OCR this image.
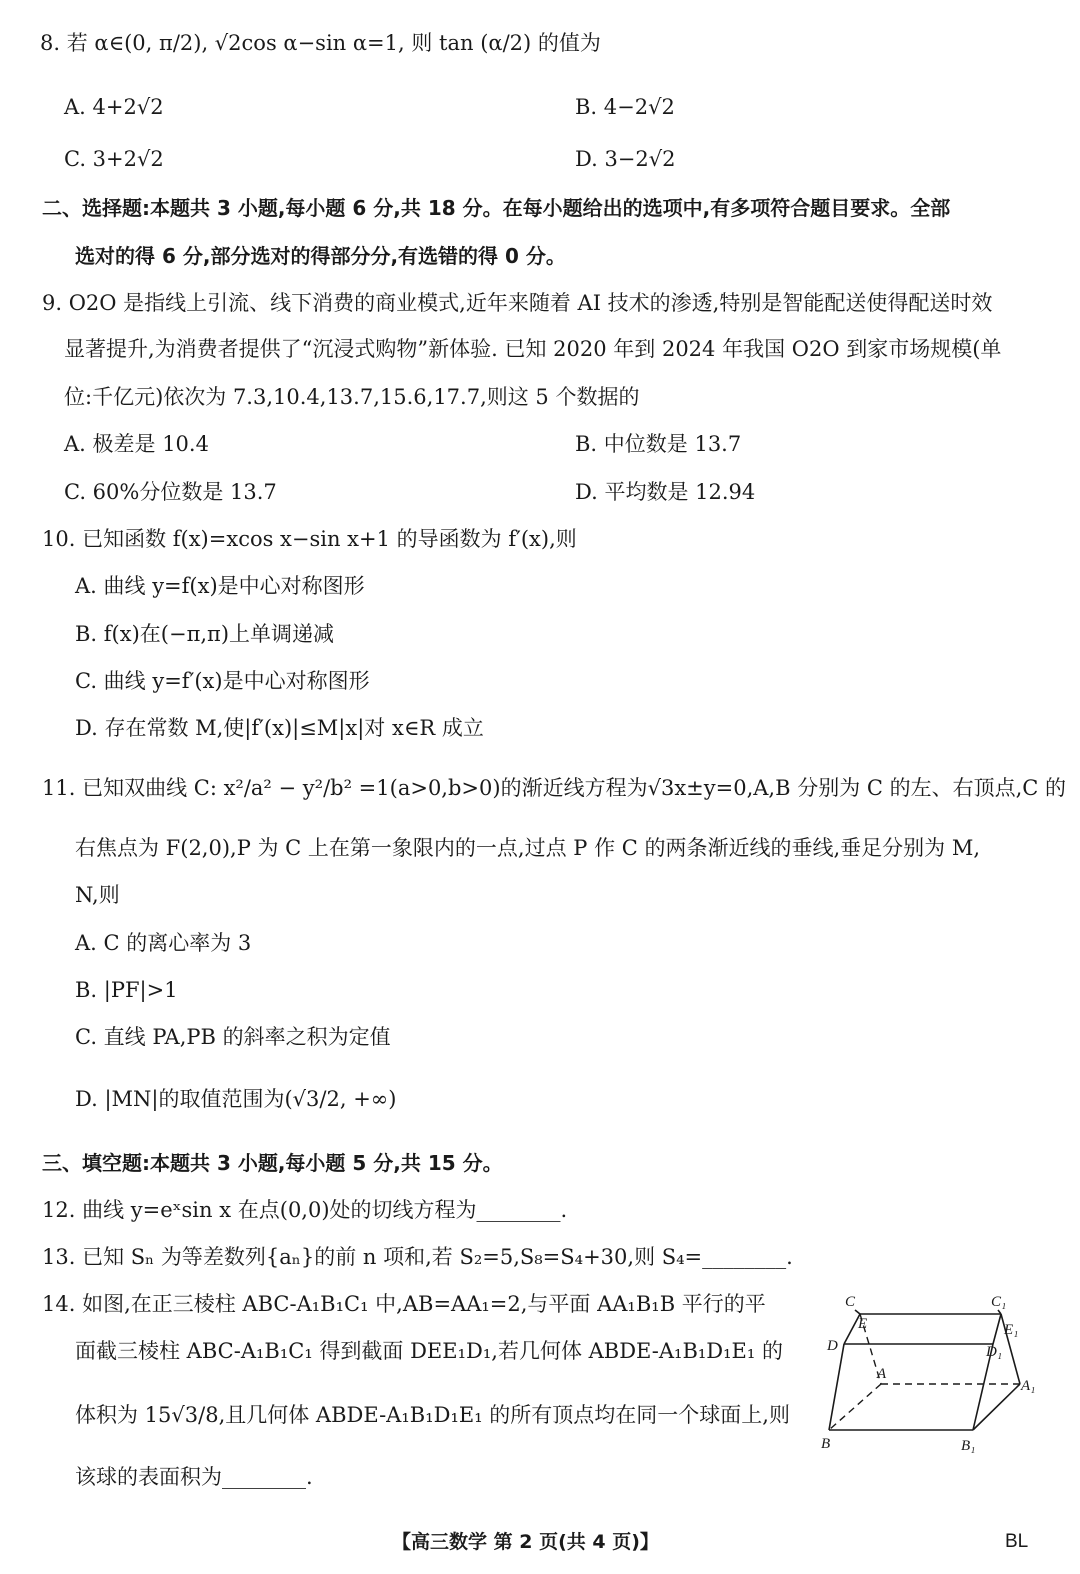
8. 若 α∈(0, π/2), √2cos α−sin α=1, 则 tan (α/2) 的值为
A. 4+2√2	B. 4−2√2
C. 3+2√2	D. 3−2√2
二、选择题:本题共 3 小题,每小题 6 分,共 18 分。在每小题给出的选项中,有多项符合题目要求。全部
选对的得 6 分,部分选对的得部分分,有选错的得 0 分。
9. O2O 是指线上引流、线下消费的商业模式,近年来随着 AI 技术的渗透,特别是智能配送使得配送时效
显著提升,为消费者提供了“沉浸式购物”新体验. 已知 2020 年到 2024 年我国 O2O 到家市场规模(单
位:千亿元)依次为 7.3,10.4,13.7,15.6,17.7,则这 5 个数据的
A. 极差是 10.4	B. 中位数是 13.7
C. 60%分位数是 13.7	D. 平均数是 12.94
10. 已知函数 f(x)=xcos x−sin x+1 的导函数为 f′(x),则
A. 曲线 y=f(x)是中心对称图形
B. f(x)在(−π,π)上单调递减
C. 曲线 y=f′(x)是中心对称图形
D. 存在常数 M,使|f′(x)|≤M|x|对 x∈R 成立
11. 已知双曲线 C: x²/a² − y²/b² =1(a>0,b>0)的渐近线方程为√3x±y=0,A,B 分别为 C 的左、右顶点,C 的
右焦点为 F(2,0),P 为 C 上在第一象限内的一点,过点 P 作 C 的两条渐近线的垂线,垂足分别为 M,
N,则
A. C 的离心率为 3
B. |PF|>1
C. 直线 PA,PB 的斜率之积为定值
D. |MN|的取值范围为(√3/2, +∞)
三、填空题:本题共 3 小题,每小题 5 分,共 15 分。
12. 曲线 y=eˣsin x 在点(0,0)处的切线方程为________.
13. 已知 Sₙ 为等差数列{aₙ}的前 n 项和,若 S₂=5,S₈=S₄+30,则 S₄=________.
14. 如图,在正三棱柱 ABC-A₁B₁C₁ 中,AB=AA₁=2,与平面 AA₁B₁B 平行的平
面截三棱柱 ABC-A₁B₁C₁ 得到截面 DEE₁D₁,若几何体 ABDE-A₁B₁D₁E₁ 的
体积为 15√3/8,且几何体 ABDE-A₁B₁D₁E₁ 的所有顶点均在同一个球面上,则
该球的表面积为________.
C	C₁
E	E₁
D	D₁
A
A₁
B	B₁
【高三数学 第 2 页(共 4 页)】	BL
